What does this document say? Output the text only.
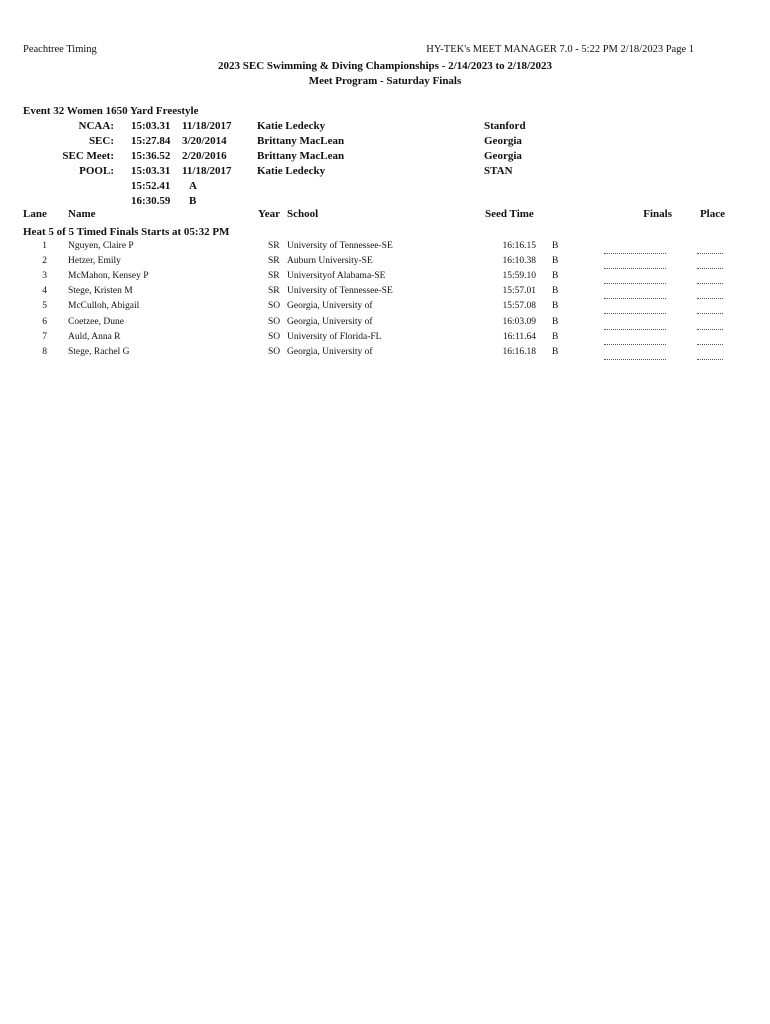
Peachtree Timing	HY-TEK's MEET MANAGER 7.0 - 5:22 PM 2/18/2023 Page 1
2023 SEC Swimming & Diving Championships - 2/14/2023 to 2/18/2023
Meet Program - Saturday Finals
Event 32 Women 1650 Yard Freestyle
NCAA: 15:03.31 11/18/2017 Katie Ledecky	Stanford
SEC: 15:27.84 3/20/2014	Brittany MacLean	Georgia
SEC Meet: 15:36.52 2/20/2016	Brittany MacLean	Georgia
POOL: 15:03.31 11/18/2017 Katie Ledecky	STAN
15:52.41 A
16:30.59 B
Lane Name	Year School	Seed Time	Finals	Place
Heat 5 of 5 Timed Finals Starts at 05:32 PM
1 Nguyen, Claire P	SR University of Tennessee-SE	16:16.15 B
2 Hetzer, Emily	SR Auburn University-SE	16:10.38 B
3 McMahon, Kensey P	SR Universityof Alabama-SE	15:59.10 B
4 Stege, Kristen M	SR University of Tennessee-SE	15:57.01 B
5 McCulloh, Abigail	SO Georgia, University of	15:57.08 B
6 Coetzee, Dune	SO Georgia, University of	16:03.09 B
7 Auld, Anna R	SO University of Florida-FL	16:11.64 B
8 Stege, Rachel G	SO Georgia, University of	16:16.18 B
